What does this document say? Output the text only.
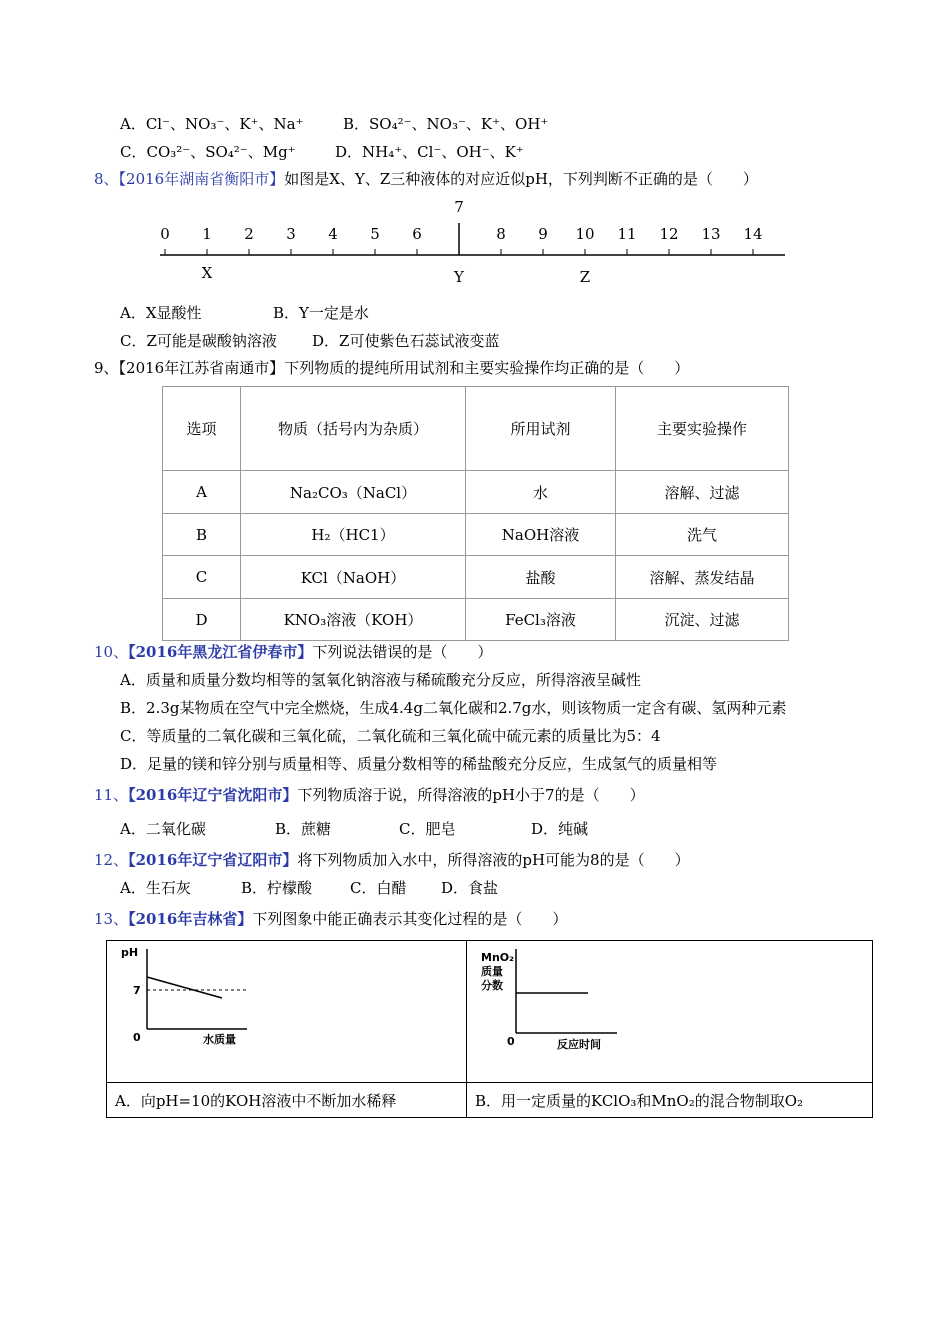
A．Cl⁻、NO₃⁻、K⁺、Na⁺	B．SO₄²⁻、NO₃⁻、K⁺、OH⁺
C．CO₃²⁻、SO₄²⁻、Mg⁺	D．NH₄⁺、Cl⁻、OH⁻、K⁺
8、【2016年湖南省衡阳市】如图是X、Y、Z三种液体的对应近似pH，下列判断不正确的是（　　）
0 1 2 3 4 5 6
7
8 9 10 11 12 13 14
X	Y	Z
A．X显酸性	B．Y一定是水
C．Z可能是碳酸钠溶液 D．Z可使紫色石蕊试液变蓝
9、【2016年江苏省南通市】下列物质的提纯所用试剂和主要实验操作均正确的是（　　）
选项	物质（括号内为杂质）	所用试剂	主要实验操作
A	Na₂CO₃（NaCl）	水	溶解、过滤
B	H₂（HC1）	NaOH溶液	洗气
C	KCl（NaOH）	盐酸	溶解、蒸发结晶
D	KNO₃溶液（KOH）	FeCl₃溶液	沉淀、过滤
10、【2016年黑龙江省伊春市】下列说法错误的是（　　）
A．质量和质量分数均相等的氢氧化钠溶液与稀硫酸充分反应，所得溶液呈碱性
B．2.3g某物质在空气中完全燃烧，生成4.4g二氧化碳和2.7g水，则该物质一定含有碳、氢两种元素
C．等质量的二氧化碳和三氧化硫，二氧化硫和三氧化硫中硫元素的质量比为5：4
D．足量的镁和锌分别与质量相等、质量分数相等的稀盐酸充分反应，生成氢气的质量相等
11、【2016年辽宁省沈阳市】下列物质溶于说，所得溶液的pH小于7的是（　　）
A．二氧化碳	B．蔗糖	C．肥皂	D．纯碱
12、【2016年辽宁省辽阳市】将下列物质加入水中，所得溶液的pH可能为8的是（　　）
A．生石灰	B．柠檬酸	C．白醋 D．食盐
13、【2016年吉林省】下列图象中能正确表示其变化过程的是（　　）
pH
7
0 水质量	MnO₂
质量
分数
0 反应时间

A．向pH=10的KOH溶液中不断加水稀释	B．用一定质量的KClO₃和MnO₂的混合物制取O₂
